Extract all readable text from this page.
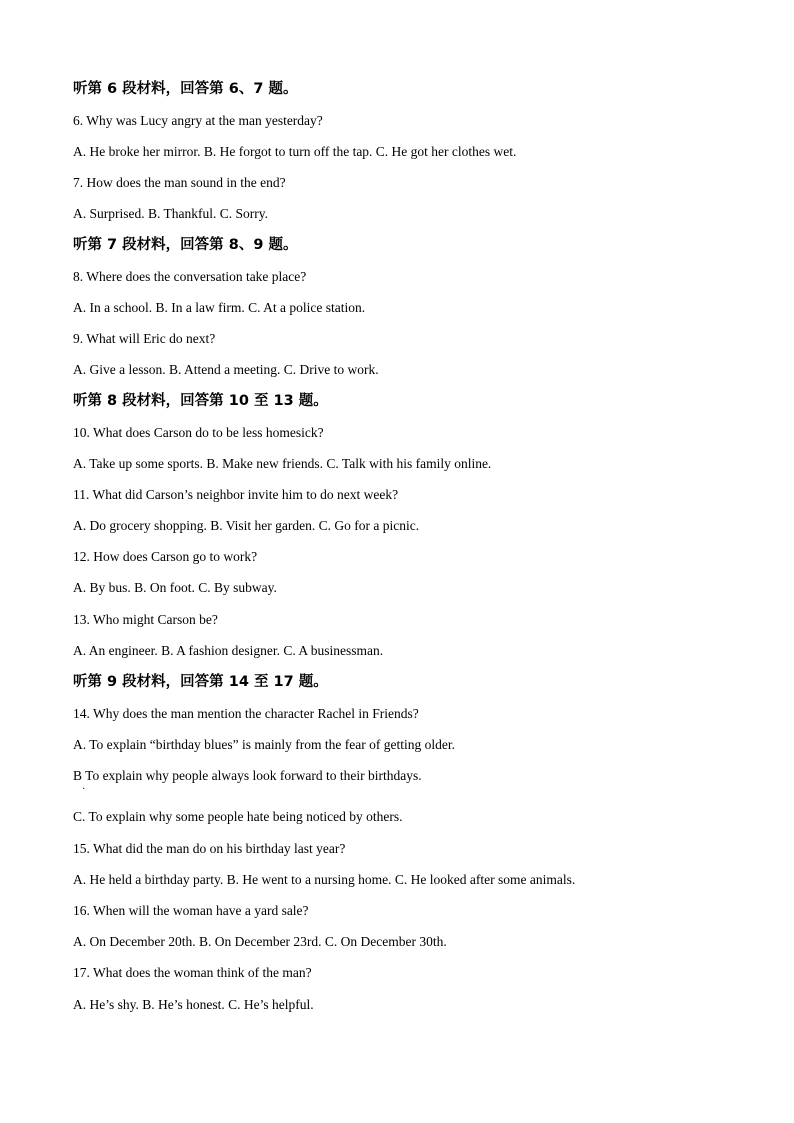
听第 6 段材料，回答第 6、7 题。
6. Why was Lucy angry at the man yesterday?
A. He broke her mirror. B. He forgot to turn off the tap. C. He got her clothes wet.
7. How does the man sound in the end?
A. Surprised. B. Thankful. C. Sorry.
听第 7 段材料，回答第 8、9 题。
8. Where does the conversation take place?
A. In a school. B. In a law firm. C. At a police station.
9. What will Eric do next?
A. Give a lesson. B. Attend a meeting. C. Drive to work.
听第 8 段材料，回答第 10 至 13 题。
10. What does Carson do to be less homesick?
A. Take up some sports. B. Make new friends. C. Talk with his family online.
11. What did Carson’s neighbor invite him to do next week?
A. Do grocery shopping. B. Visit her garden. C. Go for a picnic.
12. How does Carson go to work?
A. By bus. B. On foot. C. By subway.
13. Who might Carson be?
A. An engineer. B. A fashion designer. C. A businessman.
听第 9 段材料，回答第 14 至 17 题。
14. Why does the man mention the character Rachel in Friends?
A. To explain “birthday blues” is mainly from the fear of getting older.
B To explain why people always look forward to their birthdays.
·
C. To explain why some people hate being noticed by others.
15. What did the man do on his birthday last year?
A. He held a birthday party. B. He went to a nursing home. C. He looked after some animals.
16. When will the woman have a yard sale?
A. On December 20th. B. On December 23rd. C. On December 30th.
17. What does the woman think of the man?
A. He’s shy. B. He’s honest. C. He’s helpful.
